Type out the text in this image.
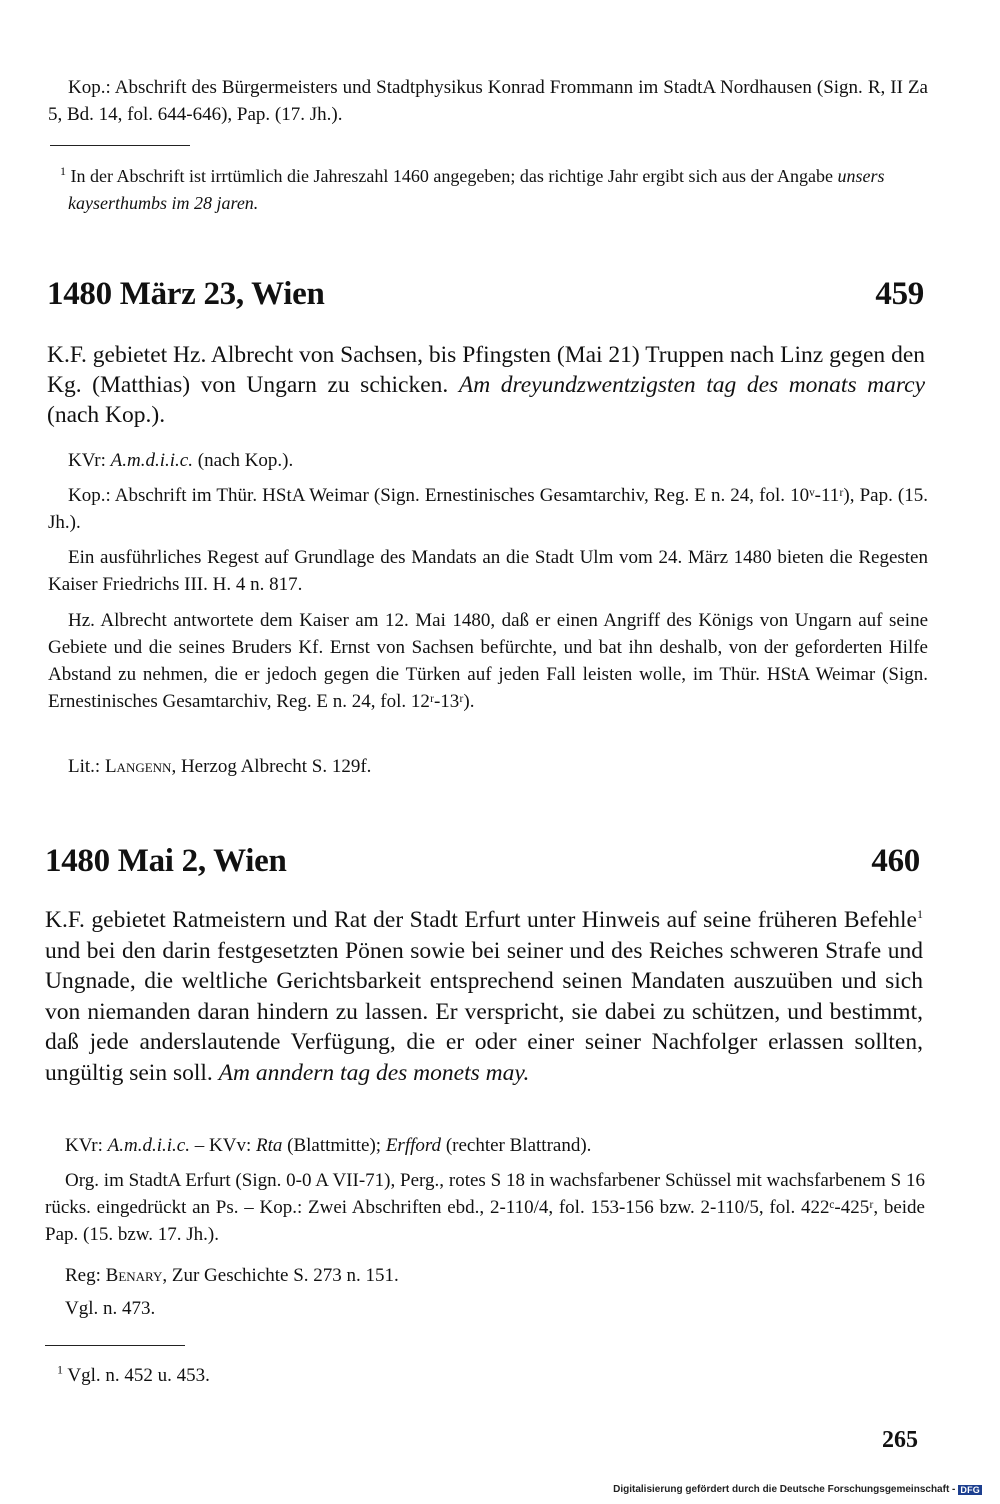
Kop.: Abschrift des Bürgermeisters und Stadtphysikus Konrad Frommann im StadtA Nordhausen (Sign. R, II Za 5, Bd. 14, fol. 644-646), Pap. (17. Jh.).

$^1$ In der Abschrift ist irrtümlich die Jahreszahl 1460 angegeben; das richtige Jahr ergibt sich aus der Angabe unsers kayserthumbs im 28 jaren.

1480 März 23, Wien	459

K.F. gebietet Hz. Albrecht von Sachsen, bis Pfingsten (Mai 21) Truppen nach Linz gegen den Kg. (Matthias) von Ungarn zu schicken. Am dreyundzwentzigsten tag des monats marcy (nach Kop.).

KVr: A.m.d.i.i.c. (nach Kop.).

Kop.: Abschrift im Thür. HStA Weimar (Sign. Ernestinisches Gesamtarchiv, Reg. E n. 24, fol. 10ᵛ-11ʳ), Pap. (15. Jh.).

Ein ausführliches Regest auf Grundlage des Mandats an die Stadt Ulm vom 24. März 1480 bieten die Regesten Kaiser Friedrichs III. H. 4 n. 817.

Hz. Albrecht antwortete dem Kaiser am 12. Mai 1480, daß er einen Angriff des Königs von Ungarn auf seine Gebiete und die seines Bruders Kf. Ernst von Sachsen befürchte, und bat ihn deshalb, von der geforderten Hilfe Abstand zu nehmen, die er jedoch gegen die Türken auf jeden Fall leisten wolle, im Thür. HStA Weimar (Sign. Ernestinisches Gesamtarchiv, Reg. E n. 24, fol. 12ʳ-13ʳ).

Lit.: Langenn, Herzog Albrecht S. 129f.

1480 Mai 2, Wien	460

K.F. gebietet Ratmeistern und Rat der Stadt Erfurt unter Hinweis auf seine früheren Befehle$^1$ und bei den darin festgesetzten Pönen sowie bei seiner und des Reiches schweren Strafe und Ungnade, die weltliche Gerichtsbarkeit entsprechend seinen Mandaten auszuüben und sich von niemanden daran hindern zu lassen. Er verspricht, sie dabei zu schützen, und bestimmt, daß jede anderslautende Verfügung, die er oder einer seiner Nachfolger erlassen sollten, ungültig sein soll. Am anndern tag des monets may.

KVr: A.m.d.i.i.c. – KVv: Rta (Blattmitte); Erfford (rechter Blattrand).

Org. im StadtA Erfurt (Sign. 0-0 A VII-71), Perg., rotes S 18 in wachsfarbener Schüssel mit wachsfarbenem S 16 rücks. eingedrückt an Ps. – Kop.: Zwei Abschriften ebd., 2-110/4, fol. 153-156 bzw. 2-110/5, fol. 422ᶜ-425ʳ, beide Pap. (15. bzw. 17. Jh.).

Reg: Benary, Zur Geschichte S. 273 n. 151.

Vgl. n. 473.

$^1$ Vgl. n. 452 u. 453.

265
Digitalisierung gefördert durch die Deutsche Forschungsgemeinschaft - DFG
